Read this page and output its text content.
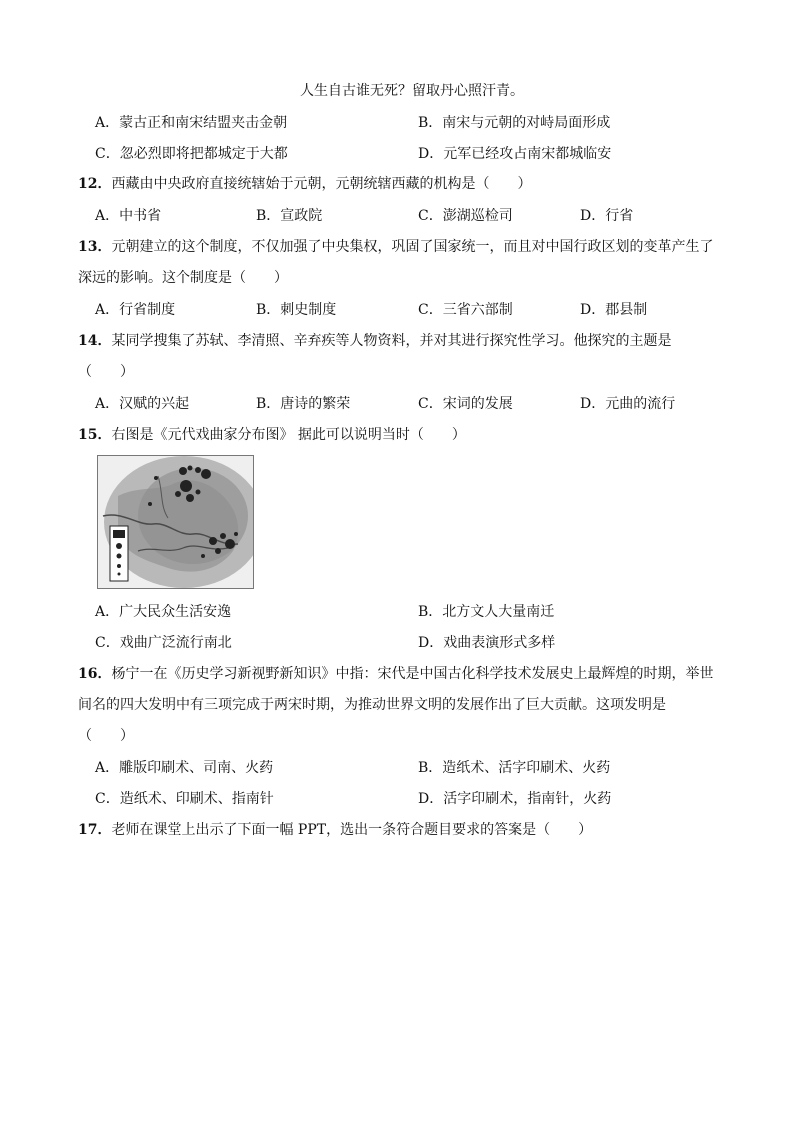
人生自古谁无死？留取丹心照汗青。
A．蒙古正和南宋结盟夹击金朝	B．南宋与元朝的对峙局面形成
C．忽必烈即将把都城定于大都	D．元军已经攻占南宋都城临安
12．西藏由中央政府直接统辖始于元朝，元朝统辖西藏的机构是（　　）
A．中书省	B．宣政院	C．澎湖巡检司	D．行省
13．元朝建立的这个制度，不仅加强了中央集权，巩固了国家统一，而且对中国行政区划的变革产生了
深远的影响。这个制度是（　　）
A．行省制度	B．刺史制度	C．三省六部制	D．郡县制
14．某同学搜集了苏轼、李清照、辛弃疾等人物资料，并对其进行探究性学习。他探究的主题是
（　　）
A．汉赋的兴起	B．唐诗的繁荣	C．宋词的发展	D．元曲的流行
15．右图是《元代戏曲家分布图》 据此可以说明当时（　　）
A．广大民众生活安逸	B．北方文人大量南迁
C．戏曲广泛流行南北	D．戏曲表演形式多样
16．杨宁一在《历史学习新视野新知识》中指：宋代是中国古化科学技术发展史上最辉煌的时期，举世
间名的四大发明中有三项完成于两宋时期，为推动世界文明的发展作出了巨大贡献。这项发明是
（　　）
A．雕版印刷术、司南、火药	B．造纸术、活字印刷术、火药
C．造纸术、印刷术、指南针	D．活字印刷术，指南针，火药
17．老师在课堂上出示了下面一幅 PPT，选出一条符合题目要求的答案是（　　）
